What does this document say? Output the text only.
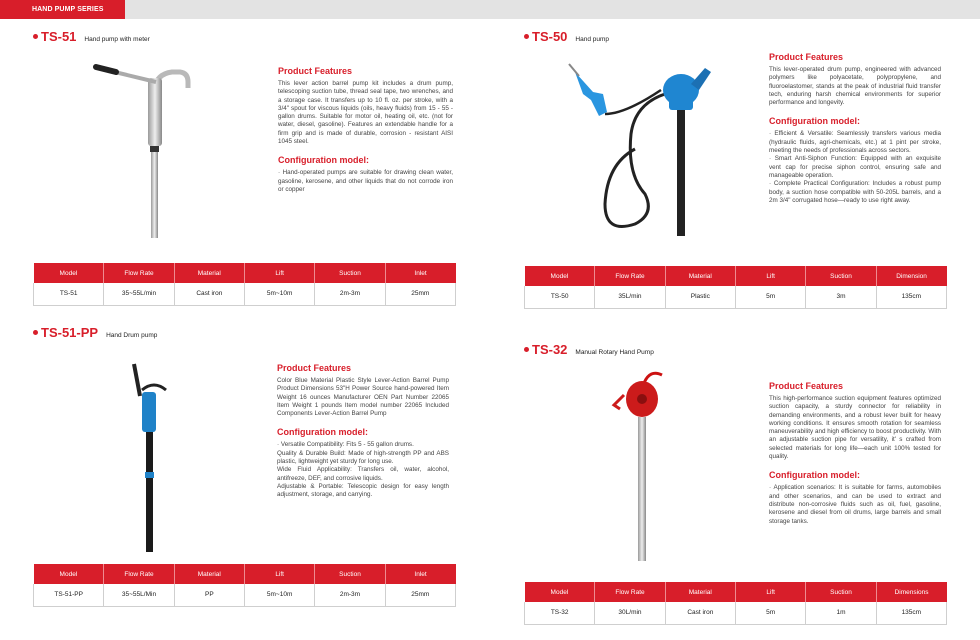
HAND PUMP SERIES
TS-51 Hand pump with meter
Product Features
This lever action barrel pump kit includes a drum pump, telescoping suction tube, thread seal tape, two wrenches, and a storage case. It transfers up to 10 fl. oz. per stroke, with a 3/4" spout for viscous liquids (oils, heavy fluids) from 15 - 55 - gallon drums. Suitable for motor oil, heating oil, etc. (not for water, diesel, gasoline). Features an extendable handle for a firm grip and is made of durable, corrosion - resistant AISI 1045 steel.
Configuration model:
· Hand-operated pumps are suitable for drawing clean water, gasoline, kerosene, and other liquids that do not corrode iron or copper
Model	Flow Rate	Material	Lift	Suction	Inlet
TS-51	35~55L/min	Cast iron	5m~10m	2m-3m	25mm
TS-50 Hand pump
Product Features
This lever-operated drum pump, engineered with advanced polymers like polyacetate, polypropylene, and fluoroelastomer, stands at the peak of industrial fluid transfer tech, enduring harsh chemical environments for superior performance and longevity.
Configuration model:
· Efficient & Versatile: Seamlessly transfers various media (hydraulic fluids, agri-chemicals, etc.) at 1 pint per stroke, meeting the needs of professionals across sectors.
· Smart Anti-Siphon Function: Equipped with an exquisite vent cap for precise siphon control, ensuring safe and manageable operation.
· Complete Practical Configuration: Includes a robust pump body, a suction hose compatible with 50-205L barrels, and a 2m 3/4" corrugated hose—ready to use right away.
Model	Flow Rate	Material	Lift	Suction	Dimension
TS-50	35L/min	Plastic	5m	3m	135cm
TS-51-PP Hand Drum pump
Product Features
Color Blue Material Plastic Style Lever-Action Barrel Pump Product Dimensions 53"H Power Source hand-powered Item Weight 16 ounces Manufacturer OEN Part Number 22065 Item Weight 1 pounds Item model number 22065 Included Components Lever-Action Barrel Pump
Configuration model:
· Versatile Compatibility: Fits 5 - 55 gallon drums.
Quality & Durable Build: Made of high-strength PP and ABS plastic, lightweight yet sturdy for long use.
Wide Fluid Applicability: Transfers oil, water, alcohol, antifreeze, DEF, and corrosive liquids.
Adjustable & Portable: Telescopic design for easy length adjustment, storage, and carrying.
Model	Flow Rate	Material	Lift	Suction	Inlet
TS-51-PP	35~55L/Min	PP	5m~10m	2m-3m	25mm
TS-32 Manual Rotary Hand Pump
Product Features
This high-performance suction equipment features optimized suction capacity, a sturdy connector for reliability in demanding environments, and a robust lever built for heavy working conditions. It ensures smooth rotation for seamless maneuverability and high efficiency to boost productivity. With an adjustable suction pipe for versatility, it' s crafted from selected materials for long life—each unit 100% tested for quality.
Configuration model:
· Application scenarios: It is suitable for farms, automobiles and other scenarios, and can be used to extract and distribute non-corrosive fluids such as oil, fuel, gasoline, kerosene and diesel from oil drums, large barrels and small storage tanks.
Model	Flow Rate	Material	Lift	Suction	Dimensions
TS-32	30L/min	Cast iron	5m	1m	135cm
